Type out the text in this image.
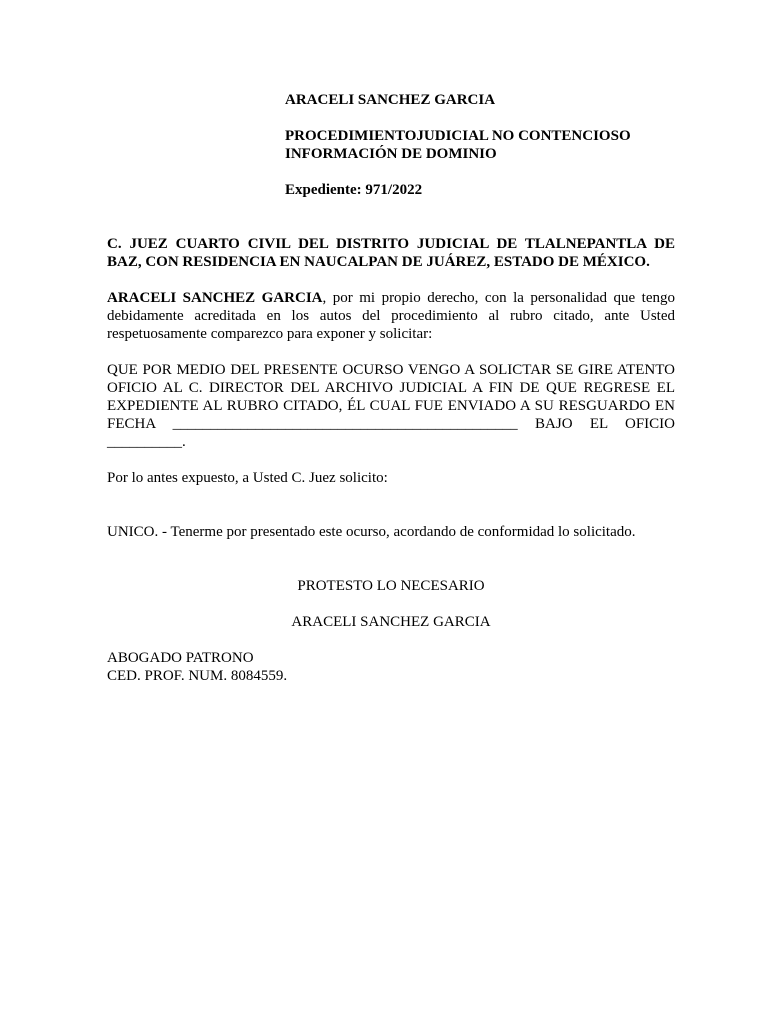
ARACELI SANCHEZ GARCIA

PROCEDIMIENTOJUDICIAL NO CONTENCIOSO

INFORMACIÓN DE DOMINIO

Expediente: 971/2022

C. JUEZ CUARTO CIVIL DEL DISTRITO JUDICIAL DE TLALNEPANTLA DE BAZ, CON RESIDENCIA EN NAUCALPAN DE JUÁREZ, ESTADO DE MÉXICO.

ARACELI SANCHEZ GARCIA, por mi propio derecho, con la personalidad que tengo debidamente acreditada en los autos del procedimiento al rubro citado, ante Usted respetuosamente comparezco para exponer y solicitar:

QUE POR MEDIO DEL PRESENTE OCURSO VENGO A SOLICTAR SE GIRE ATENTO OFICIO AL C. DIRECTOR DEL ARCHIVO JUDICIAL A FIN DE QUE REGRESE EL EXPEDIENTE AL RUBRO CITADO, ÉL CUAL FUE ENVIADO A SU RESGUARDO EN FECHA ______________________________________________ BAJO EL OFICIO __________.

Por lo antes expuesto, a Usted C. Juez solicito:

UNICO. - Tenerme por presentado este ocurso, acordando de conformidad lo solicitado.

PROTESTO LO NECESARIO

ARACELI SANCHEZ GARCIA

ABOGADO PATRONO

CED. PROF. NUM. 8084559.
